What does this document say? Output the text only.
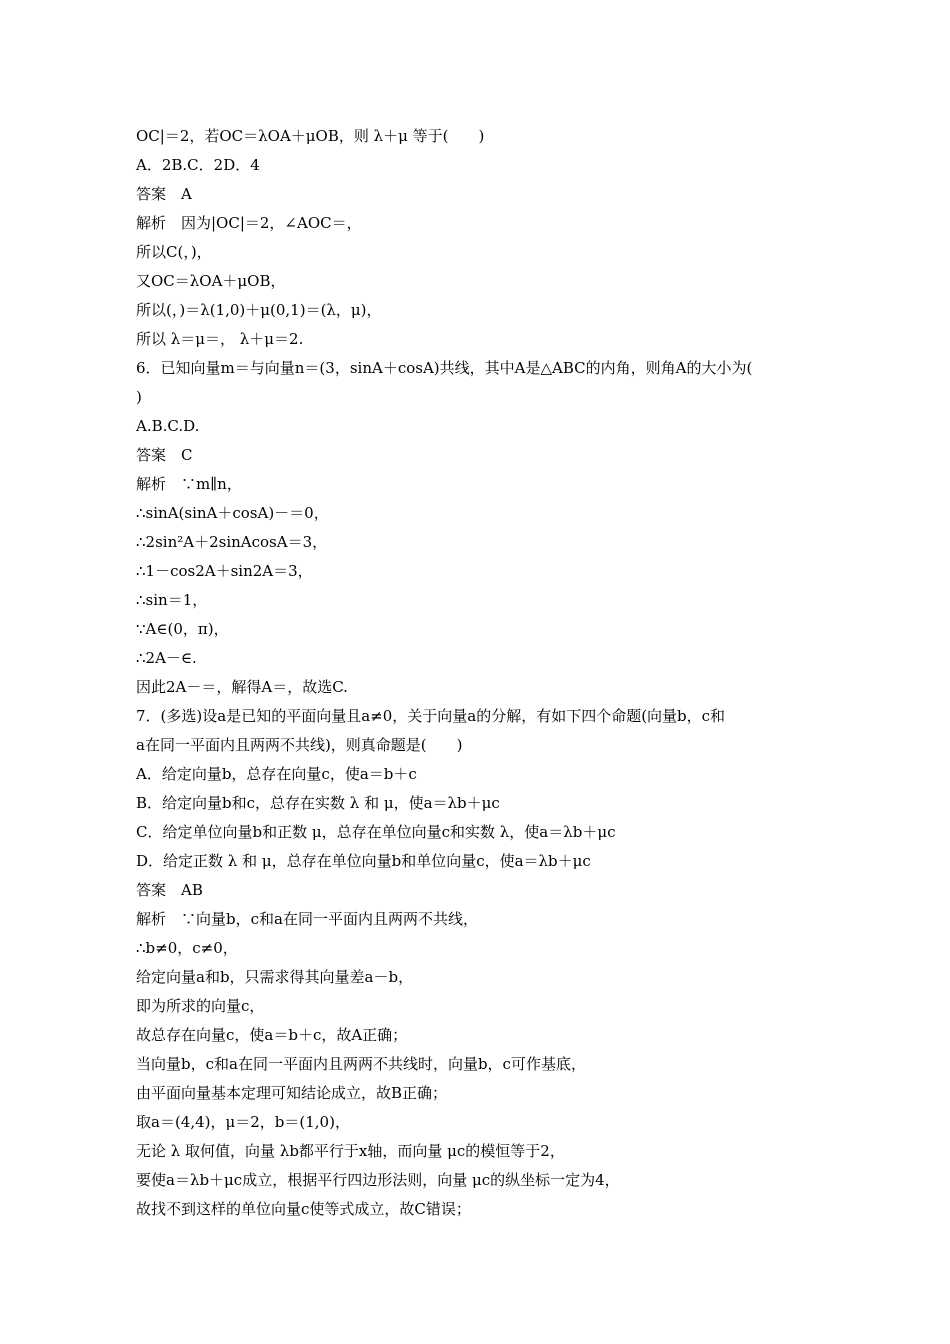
OC|＝2，若OC＝λOA＋μOB，则 λ＋μ 等于(　　)
A．2B.C．2D．4
答案　A
解析　因为|OC|＝2，∠AOC＝，
所以C(，)，
又OC＝λOA＋μOB，
所以(，)＝λ(1,0)＋μ(0,1)＝(λ，μ)，
所以 λ＝μ＝， λ＋μ＝2.
6．已知向量m＝与向量n＝(3，sinA＋cosA)共线，其中A是△ABC的内角，则角A的大小为(
)
A.B.C.D.
答案　C
解析　∵m∥n，
∴sinA(sinA＋cosA)－＝0，
∴2sin²A＋2sinAcosA＝3，
∴1－cos2A＋sin2A＝3，
∴sin＝1，
∵A∈(0，π)，
∴2A－∈.
因此2A－＝，解得A＝，故选C.
7．(多选)设a是已知的平面向量且a≠0，关于向量a的分解，有如下四个命题(向量b，c和
a在同一平面内且两两不共线)，则真命题是(　　)
A．给定向量b，总存在向量c，使a＝b＋c
B．给定向量b和c，总存在实数 λ 和 μ，使a＝λb＋μc
C．给定单位向量b和正数 μ，总存在单位向量c和实数 λ，使a＝λb＋μc
D．给定正数 λ 和 μ，总存在单位向量b和单位向量c，使a＝λb＋μc
答案　AB
解析　∵向量b，c和a在同一平面内且两两不共线，
∴b≠0，c≠0，
给定向量a和b，只需求得其向量差a－b，
即为所求的向量c，
故总存在向量c，使a＝b＋c，故A正确；
当向量b，c和a在同一平面内且两两不共线时，向量b，c可作基底，
由平面向量基本定理可知结论成立，故B正确；
取a＝(4,4)，μ＝2，b＝(1,0)，
无论 λ 取何值，向量 λb都平行于x轴，而向量 μc的模恒等于2，
要使a＝λb＋μc成立，根据平行四边形法则，向量 μc的纵坐标一定为4，
故找不到这样的单位向量c使等式成立，故C错误；
